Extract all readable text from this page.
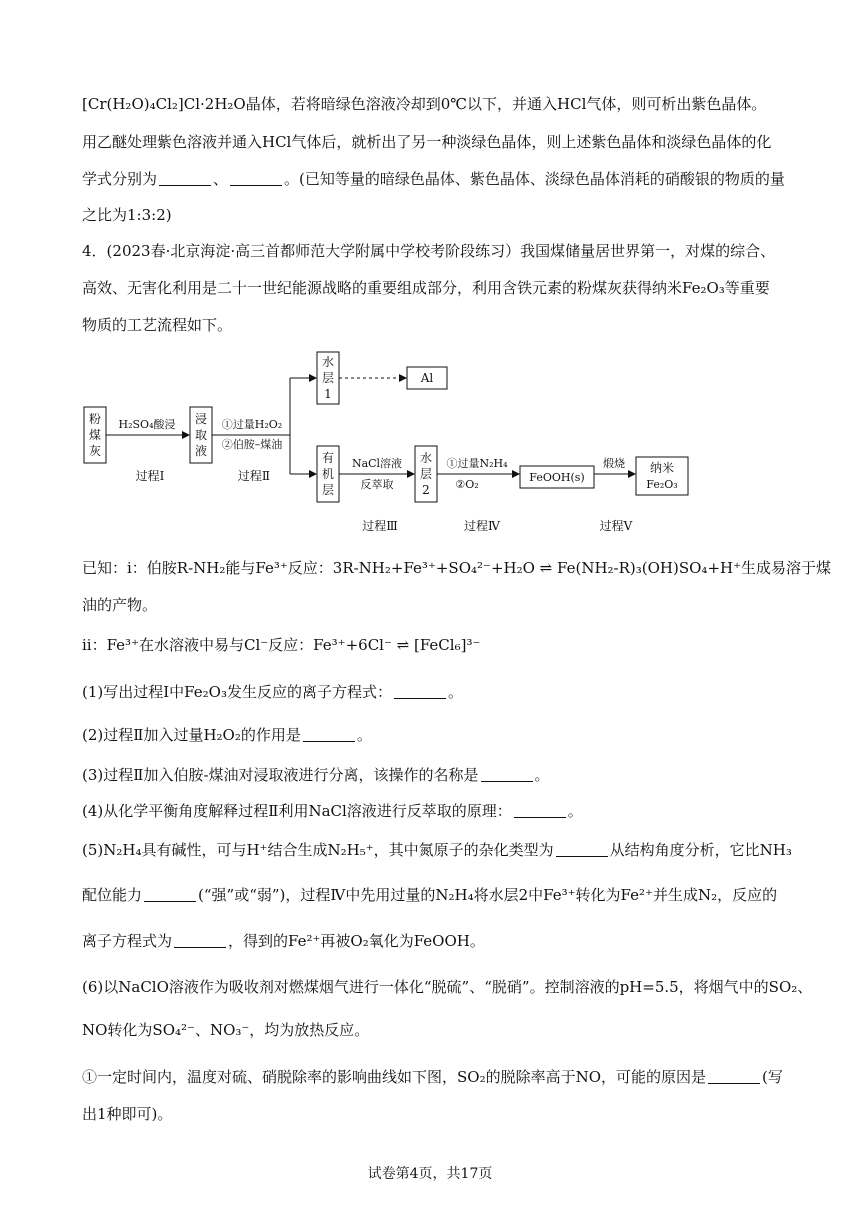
[Cr(H₂O)₄Cl₂]Cl·2H₂O晶体，若将暗绿色溶液冷却到0℃以下，并通入HCl气体，则可析出紫色晶体。
用乙醚处理紫色溶液并通入HCl气体后，就析出了另一种淡绿色晶体，则上述紫色晶体和淡绿色晶体的化
学式分别为	、	。(已知等量的暗绿色晶体、紫色晶体、淡绿色晶体消耗的硝酸银的物质的量
之比为1:3:2)
4．(2023春·北京海淀·高三首都师范大学附属中学校考阶段练习）我国煤储量居世界第一，对煤的综合、
高效、无害化利用是二十一世纪能源战略的重要组成部分，利用含铁元素的粉煤灰获得纳米Fe₂O₃等重要
物质的工艺流程如下。
粉
煤
灰
浸
取
液
水
层
1
Al
有
机
层
水
层
2
FeOOH(s)
纳米
Fe₂O₃
H₂SO₄酸浸	①过量H₂O₂
②伯胺–煤油
NaCl溶液
反萃取
①过量N₂H₄
②O₂
煅烧
过程Ⅰ	过程Ⅱ
过程Ⅲ	过程Ⅳ	过程Ⅴ
已知：i：伯胺R-NH₂能与Fe³⁺反应：3R-NH₂+Fe³⁺+SO₄²⁻+H₂O ⇌ Fe(NH₂-R)₃(OH)SO₄+H⁺生成易溶于煤
油的产物。
ii：Fe³⁺在水溶液中易与Cl⁻反应：Fe³⁺+6Cl⁻ ⇌ [FeCl₆]³⁻
(1)写出过程Ⅰ中Fe₂O₃发生反应的离子方程式：	。
(2)过程Ⅱ加入过量H₂O₂的作用是	。
(3)过程Ⅱ加入伯胺-煤油对浸取液进行分离，该操作的名称是	。
(4)从化学平衡角度解释过程Ⅱ利用NaCl溶液进行反萃取的原理：	。
(5)N₂H₄具有碱性，可与H⁺结合生成N₂H₅⁺，其中氮原子的杂化类型为	从结构角度分析，它比NH₃
配位能力	(“强”或“弱”)，过程Ⅳ中先用过量的N₂H₄将水层2中Fe³⁺转化为Fe²⁺并生成N₂，反应的
离子方程式为	，得到的Fe²⁺再被O₂氧化为FeOOH。
(6)以NaClO溶液作为吸收剂对燃煤烟气进行一体化“脱硫”、“脱硝”。控制溶液的pH=5.5，将烟气中的SO₂、
NO转化为SO₄²⁻、NO₃⁻，均为放热反应。
①一定时间内，温度对硫、硝脱除率的影响曲线如下图，SO₂的脱除率高于NO，可能的原因是	(写
出1种即可)。
试卷第4页，共17页
